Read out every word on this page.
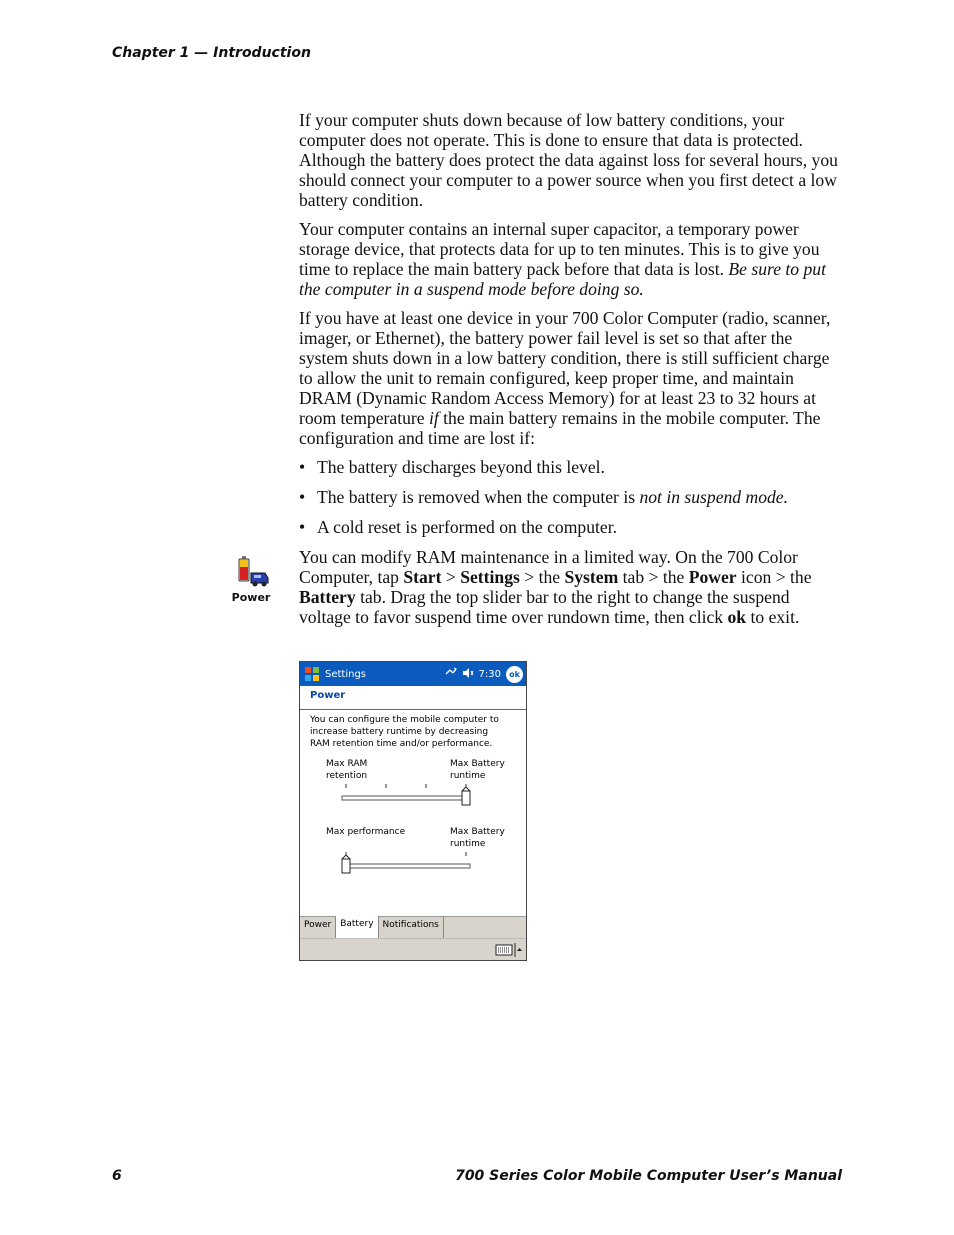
Chapter 1 — Introduction

If your computer shuts down because of low battery conditions, your computer does not operate. This is done to ensure that data is protected. Although the battery does protect the data against loss for several hours, you should connect your computer to a power source when you first detect a low battery condition.

Your computer contains an internal super capacitor, a temporary power storage device, that protects data for up to ten minutes. This is to give you time to replace the main battery pack before that data is lost. Be sure to put the computer in a suspend mode before doing so.

If you have at least one device in your 700 Color Computer (radio, scanner, imager, or Ethernet), the battery power fail level is set so that after the system shuts down in a low battery condition, there is still sufficient charge to allow the unit to remain configured, keep proper time, and maintain DRAM (Dynamic Random Access Memory) for at least 23 to 32 hours at room temperature if the main battery remains in the mobile computer. The configuration and time are lost if:

• The battery discharges beyond this level.
• The battery is removed when the computer is not in suspend mode.
• A cold reset is performed on the computer.

You can modify RAM maintenance in a limited way. On the 700 Color Computer, tap Start > Settings > the System tab > the Power icon > the Battery tab. Drag the top slider bar to the right to change the suspend voltage to favor suspend time over rundown time, then click ok to exit.

Power
Settings	7:30	ok
Power
You can configure the mobile computer to increase battery runtime by decreasing RAM retention time and/or performance.
Max RAM retention
Max Battery runtime
Max performance	Max Battery runtime
Power	Battery	Notifications
6	700 Series Color Mobile Computer User’s Manual
